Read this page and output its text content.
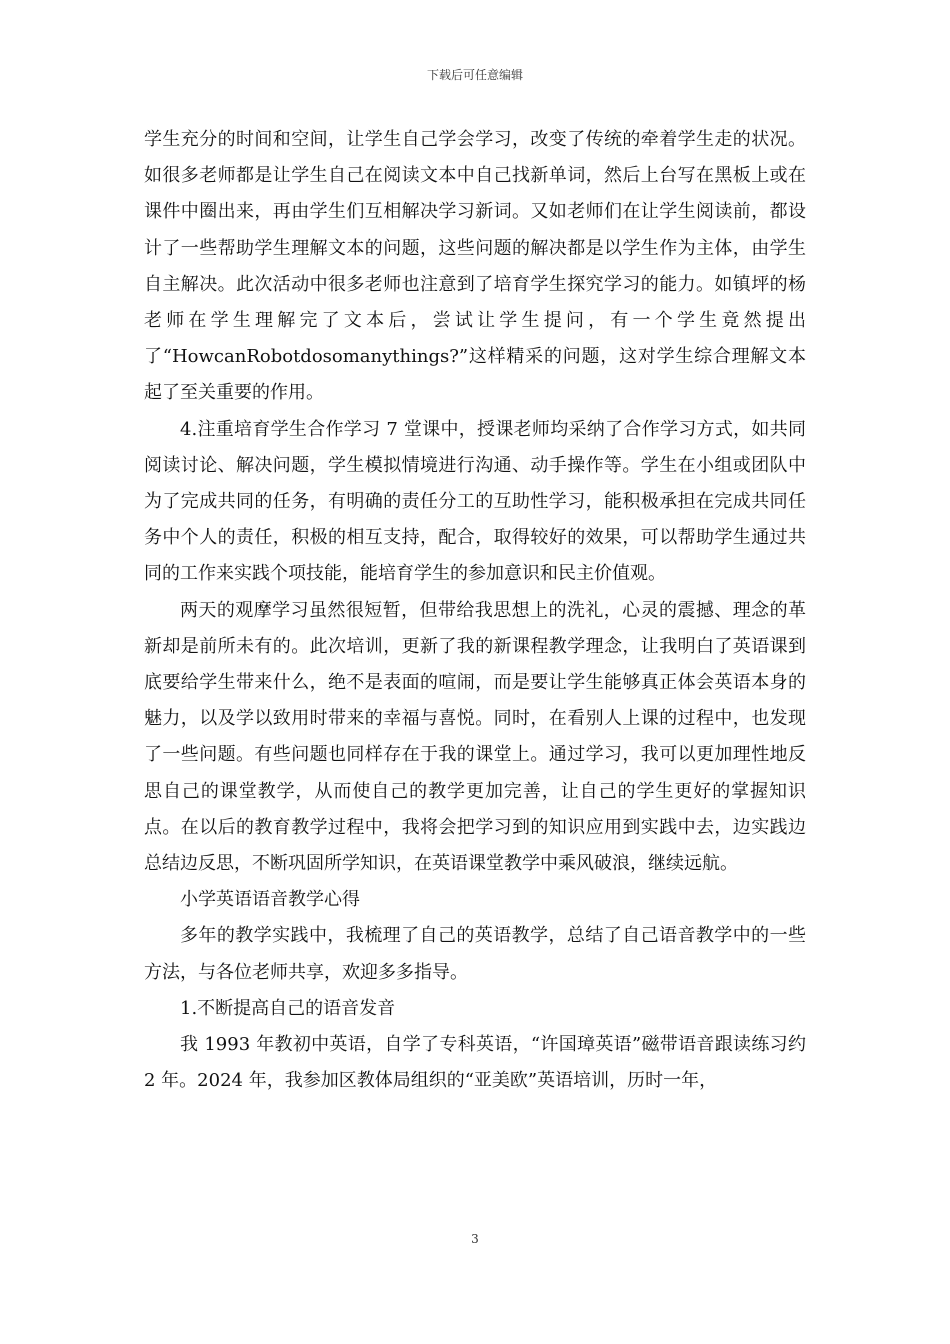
下载后可任意编辑

学生充分的时间和空间，让学生自己学会学习，改变了传统的牵着学生走的状况。如很多老师都是让学生自己在阅读文本中自己找新单词，然后上台写在黑板上或在课件中圈出来，再由学生们互相解决学习新词。又如老师们在让学生阅读前，都设计了一些帮助学生理解文本的问题，这些问题的解决都是以学生作为主体，由学生自主解决。此次活动中很多老师也注意到了培育学生探究学习的能力。如镇坪的杨老师在学生理解完了文本后，尝试让学生提问，有一个学生竟然提出了“HowcanRobotdosomanythings?”这样精采的问题，这对学生综合理解文本起了至关重要的作用。

4.注重培育学生合作学习 7 堂课中，授课老师均采纳了合作学习方式，如共同阅读讨论、解决问题，学生模拟情境进行沟通、动手操作等。学生在小组或团队中为了完成共同的任务，有明确的责任分工的互助性学习，能积极承担在完成共同任务中个人的责任，积极的相互支持，配合，取得较好的效果，可以帮助学生通过共同的工作来实践个项技能，能培育学生的参加意识和民主价值观。

两天的观摩学习虽然很短暂，但带给我思想上的洗礼，心灵的震撼、理念的革新却是前所未有的。此次培训，更新了我的新课程教学理念，让我明白了英语课到底要给学生带来什么，绝不是表面的喧闹，而是要让学生能够真正体会英语本身的魅力，以及学以致用时带来的幸福与喜悦。同时，在看别人上课的过程中，也发现了一些问题。有些问题也同样存在于我的课堂上。通过学习，我可以更加理性地反思自己的课堂教学，从而使自己的教学更加完善，让自己的学生更好的掌握知识点。在以后的教育教学过程中，我将会把学习到的知识应用到实践中去，边实践边总结边反思，不断巩固所学知识，在英语课堂教学中乘风破浪，继续远航。

小学英语语音教学心得

多年的教学实践中，我梳理了自己的英语教学，总结了自己语音教学中的一些方法，与各位老师共享，欢迎多多指导。

1.不断提高自己的语音发音

我 1993 年教初中英语，自学了专科英语，“许国璋英语”磁带语音跟读练习约 2 年。2024 年，我参加区教体局组织的“亚美欧”英语培训，历时一年，

3
